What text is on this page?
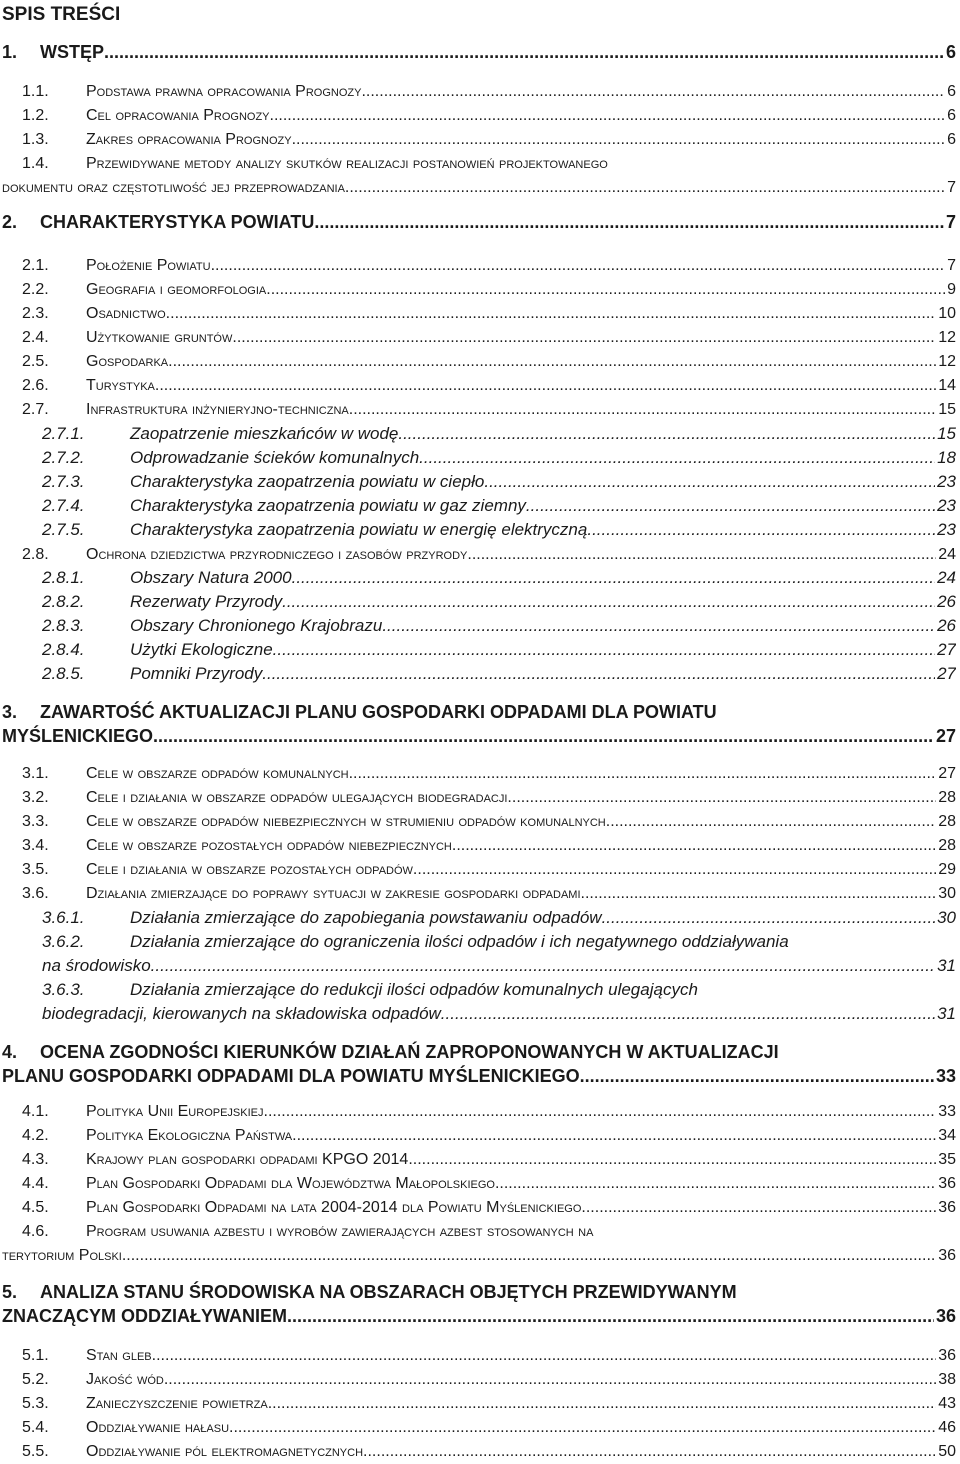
SPIS TREŚCI
1.	WSTĘP .....	6
1.1.	Podstawa prawna opracowania Prognozy .....	6
1.2.	Cel opracowania Prognozy .....	6
1.3.	Zakres opracowania Prognozy .....	6
1.4.	Przewidywane metody analizy skutków realizacji postanowień projektowanego
dokumentu oraz częstotliwość jej przeprowadzania. .....	7
2.	CHARAKTERYSTYKA POWIATU .....	7
2.1.	Położenie Powiatu .....	7
2.2.	Geografia i geomorfologia .....	9
2.3.	Osadnictwo .....	10
2.4.	Użytkowanie gruntów .....	12
2.5.	Gospodarka .....	12
2.6.	Turystyka .....	14
2.7.	Infrastruktura inżynieryjno-techniczna .....	15
2.7.1.	Zaopatrzenie mieszkańców w wodę .....	15
2.7.2.	Odprowadzanie ścieków komunalnych .....	18
2.7.3.	Charakterystyka zaopatrzenia powiatu w ciepło .....	23
2.7.4.	Charakterystyka zaopatrzenia powiatu w gaz ziemny .....	23
2.7.5.	Charakterystyka zaopatrzenia powiatu w energię elektryczną .....	23
2.8.	Ochrona dziedzictwa przyrodniczego i zasobów przyrody .....	24
2.8.1.	Obszary Natura 2000 .....	24
2.8.2.	Rezerwaty Przyrody .....	26
2.8.3.	Obszary Chronionego Krajobrazu .....	26
2.8.4.	Użytki Ekologiczne .....	27
2.8.5.	Pomniki Przyrody .....	27
3.	ZAWARTOŚĆ AKTUALIZACJI PLANU GOSPODARKI ODPADAMI DLA POWIATU
MYŚLENICKIEGO .....	27
3.1.	Cele w obszarze odpadów komunalnych .....	27
3.2.	Cele i działania w obszarze odpadów ulegających biodegradacji .....	28
3.3.	Cele w obszarze odpadów niebezpiecznych w strumieniu odpadów komunalnych .....	28
3.4.	Cele w obszarze pozostałych odpadów niebezpiecznych .....	28
3.5.	Cele i działania w obszarze pozostałych odpadów .....	29
3.6.	Działania zmierzające do poprawy sytuacji w zakresie gospodarki odpadami .....	30
3.6.1.	Działania zmierzające do zapobiegania powstawaniu odpadów .....	30
3.6.2.	Działania zmierzające do ograniczenia ilości odpadów i ich negatywnego oddziaływania
na środowisko .....	31
3.6.3.	Działania zmierzające do redukcji ilości odpadów komunalnych ulegających
biodegradacji, kierowanych na składowiska odpadów .....	31
4.	OCENA ZGODNOŚCI KIERUNKÓW DZIAŁAŃ ZAPROPONOWANYCH W AKTUALIZACJI
PLANU GOSPODARKI ODPADAMI DLA POWIATU MYŚLENICKIEGO .....	33
4.1.	Polityka Unii Europejskiej .....	33
4.2.	Polityka Ekologiczna Państwa .....	34
4.3.	Krajowy plan gospodarki odpadami KPGO 2014 .....	35
4.4.	Plan Gospodarki Odpadami dla Województwa Małopolskiego .....	36
4.5.	Plan Gospodarki Odpadami na lata 2004-2014 dla Powiatu Myślenickiego .....	36
4.6.	Program usuwania azbestu i wyrobów zawierających azbest stosowanych na
terytorium Polski .....	36
5.	ANALIZA STANU ŚRODOWISKA NA OBSZARACH OBJĘTYCH PRZEWIDYWANYM
ZNACZĄCYM ODDZIAŁYWANIEM .....	36
5.1.	Stan gleb .....	36
5.2.	Jakość wód .....	38
5.3.	Zanieczyszczenie powietrza .....	43
5.4.	Oddziaływanie hałasu .....	46
5.5.	Oddziaływanie pól elektromagnetycznych .....	50
